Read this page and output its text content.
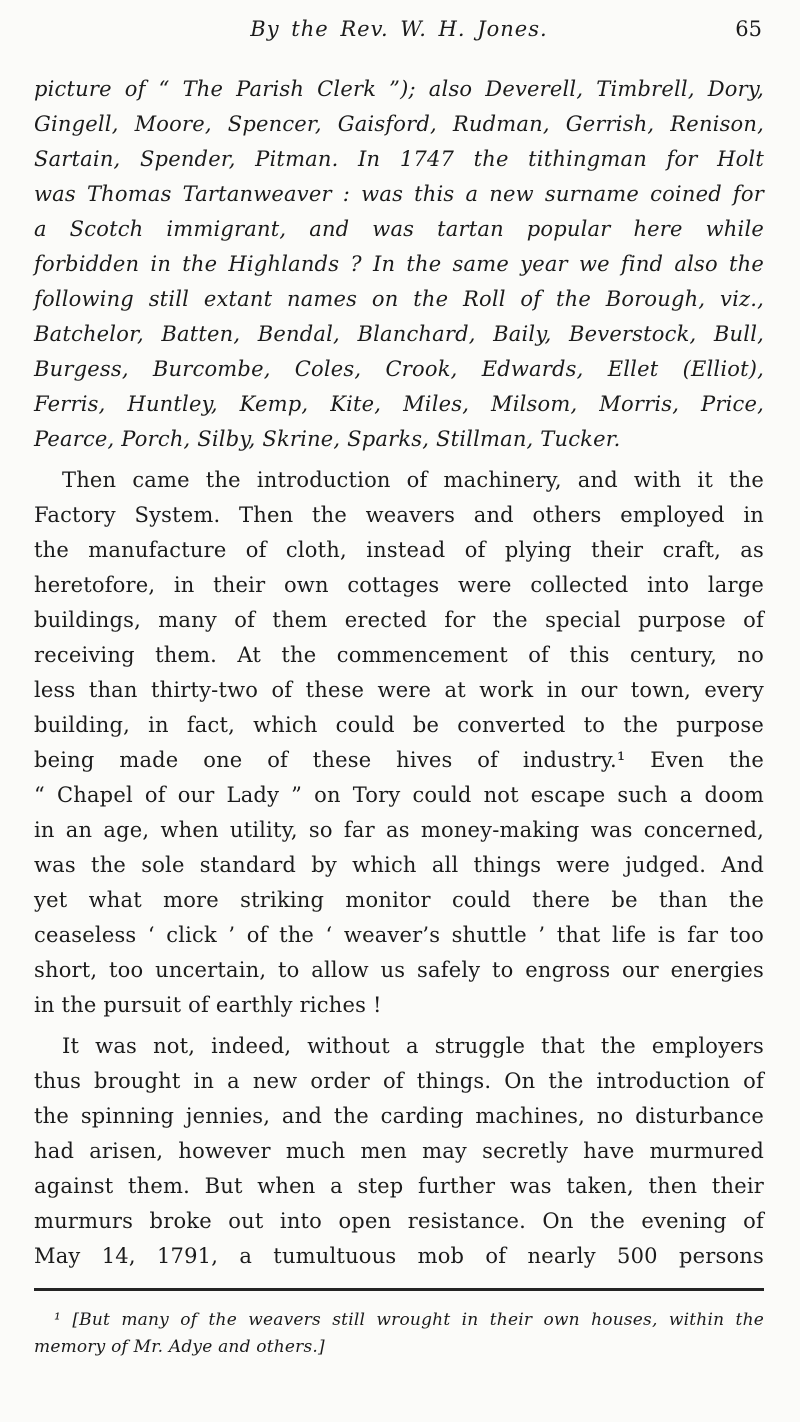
By the Rev. W. H. Jones.	65
picture of “ The Parish Clerk ”); also Deverell, Timbrell, Dory,
Gingell, Moore, Spencer, Gaisford, Rudman, Gerrish, Renison,
Sartain, Spender, Pitman. In 1747 the tithingman for Holt
was Thomas Tartanweaver : was this a new surname coined for
a Scotch immigrant, and was tartan popular here while
forbidden in the Highlands ? In the same year we find also the
following still extant names on the Roll of the Borough, viz.,
Batchelor, Batten, Bendal, Blanchard, Baily, Beverstock, Bull,
Burgess, Burcombe, Coles, Crook, Edwards, Ellet (Elliot),
Ferris, Huntley, Kemp, Kite, Miles, Milsom, Morris, Price,
Pearce, Porch, Silby, Skrine, Sparks, Stillman, Tucker.
Then came the introduction of machinery, and with it the
Factory System. Then the weavers and others employed in
the manufacture of cloth, instead of plying their craft, as
heretofore, in their own cottages were collected into large
buildings, many of them erected for the special purpose of
receiving them. At the commencement of this century, no
less than thirty-two of these were at work in our town, every
building, in fact, which could be converted to the purpose
being made one of these hives of industry.¹ Even the
“ Chapel of our Lady ” on Tory could not escape such a doom
in an age, when utility, so far as money-making was concerned,
was the sole standard by which all things were judged. And
yet what more striking monitor could there be than the
ceaseless ‘ click ’ of the ‘ weaver’s shuttle ’ that life is far too
short, too uncertain, to allow us safely to engross our energies
in the pursuit of earthly riches !
It was not, indeed, without a struggle that the employers
thus brought in a new order of things. On the introduction of
the spinning jennies, and the carding machines, no disturbance
had arisen, however much men may secretly have murmured
against them. But when a step further was taken, then their
murmurs broke out into open resistance. On the evening of
May 14, 1791, a tumultuous mob of nearly 500 persons
¹ [But many of the weavers still wrought in their own houses, within the
memory of Mr. Adye and others.]
